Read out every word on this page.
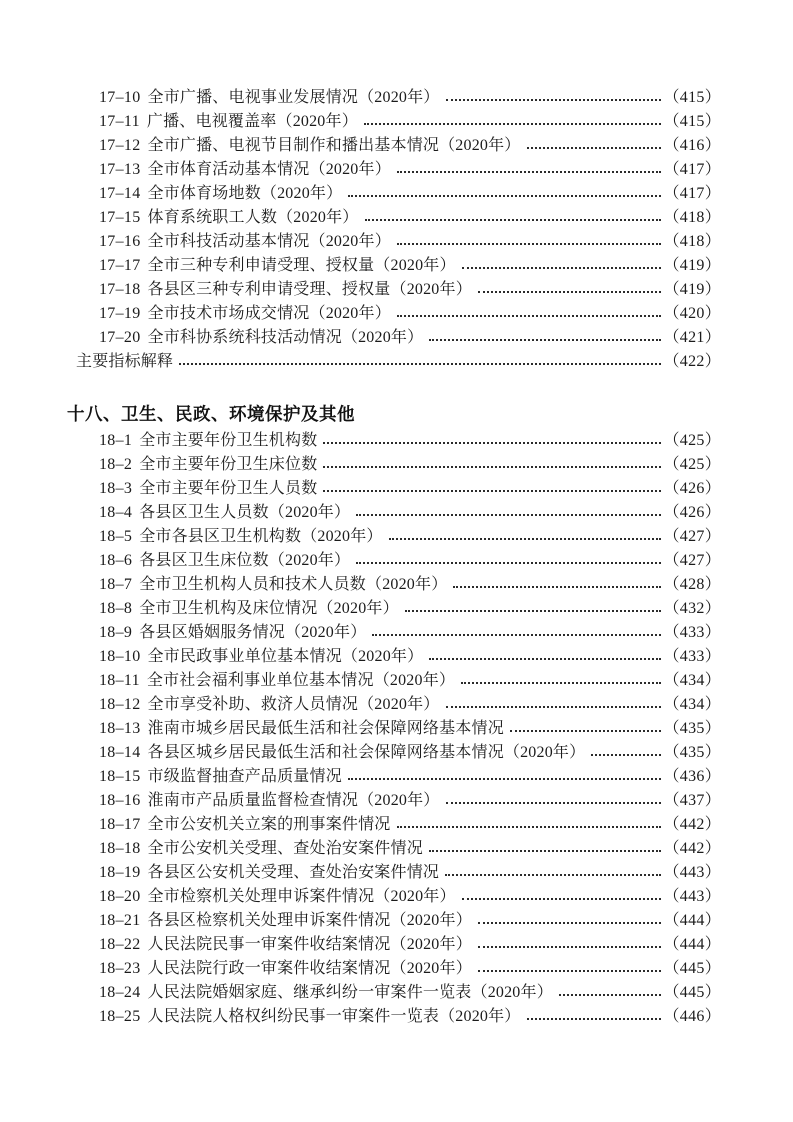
17–10 全市广播、电视事业发展情况（2020年）	（415）
17–11 广播、电视覆盖率（2020年）	（415）
17–12 全市广播、电视节目制作和播出基本情况（2020年）	（416）
17–13 全市体育活动基本情况（2020年）	（417）
17–14 全市体育场地数（2020年）	（417）
17–15 体育系统职工人数（2020年）	（418）
17–16 全市科技活动基本情况（2020年）	（418）
17–17 全市三种专利申请受理、授权量（2020年）	（419）
17–18 各县区三种专利申请受理、授权量（2020年）	（419）
17–19 全市技术市场成交情况（2020年）	（420）
17–20 全市科协系统科技活动情况（2020年）	（421）
主要指标解释	（422）
十八、卫生、民政、环境保护及其他
18–1 全市主要年份卫生机构数	（425）
18–2 全市主要年份卫生床位数	（425）
18–3 全市主要年份卫生人员数	（426）
18–4 各县区卫生人员数（2020年）	（426）
18–5 全市各县区卫生机构数（2020年）	（427）
18–6 各县区卫生床位数（2020年）	（427）
18–7 全市卫生机构人员和技术人员数（2020年）	（428）
18–8 全市卫生机构及床位情况（2020年）	（432）
18–9 各县区婚姻服务情况（2020年）	（433）
18–10 全市民政事业单位基本情况（2020年）	（433）
18–11 全市社会福利事业单位基本情况（2020年）	（434）
18–12 全市享受补助、救济人员情况（2020年）	（434）
18–13 淮南市城乡居民最低生活和社会保障网络基本情况	（435）
18–14 各县区城乡居民最低生活和社会保障网络基本情况（2020年）	（435）
18–15 市级监督抽查产品质量情况	（436）
18–16 淮南市产品质量监督检查情况（2020年）	（437）
18–17 全市公安机关立案的刑事案件情况	（442）
18–18 全市公安机关受理、查处治安案件情况	（442）
18–19 各县区公安机关受理、查处治安案件情况	（443）
18–20 全市检察机关处理申诉案件情况（2020年）	（443）
18–21 各县区检察机关处理申诉案件情况（2020年）	（444）
18–22 人民法院民事一审案件收结案情况（2020年）	（444）
18–23 人民法院行政一审案件收结案情况（2020年）	（445）
18–24 人民法院婚姻家庭、继承纠纷一审案件一览表（2020年）	（445）
18–25 人民法院人格权纠纷民事一审案件一览表（2020年）	（446）
